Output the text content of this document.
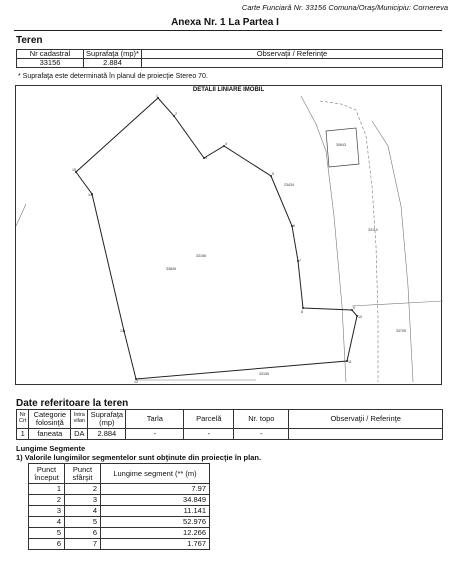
Carte Funciară Nr. 33156 Comuna/Oraş/Municipiu: Cornereva
Anexa Nr. 1 La Partea I
Teren
Nr cadastral	Suprafaţa (mp)*	Observaţii / Referinţe
33156	2.884	
* Suprafaţa este determinată în planul de proiecţie Stereo 70.
DETALII LINIARE IMOBIL
1
2
3
4
5
6
7
8
9
10
11
12
13
14
15
33156
33849
23434
30643
33110
33705
33155
Date referitoare la teren
Nr Crt	Categorie folosinţă	Intra vilan	Suprafaţa (mp)	Tarla	Parcelă	Nr. topo	Observaţii / Referinţe
1	faneata	DA	2.884	-	-	-	
Lungime Segmente
1) Valorile lungimilor segmentelor sunt obţinute din proiecţie în plan.
Punct început	Punct sfârşit	Lungime segment (** (m)
1	2	7.97
2	3	34.849
3	4	11.141
4	5	52.976
5	6	12.266
6	7	1.767
